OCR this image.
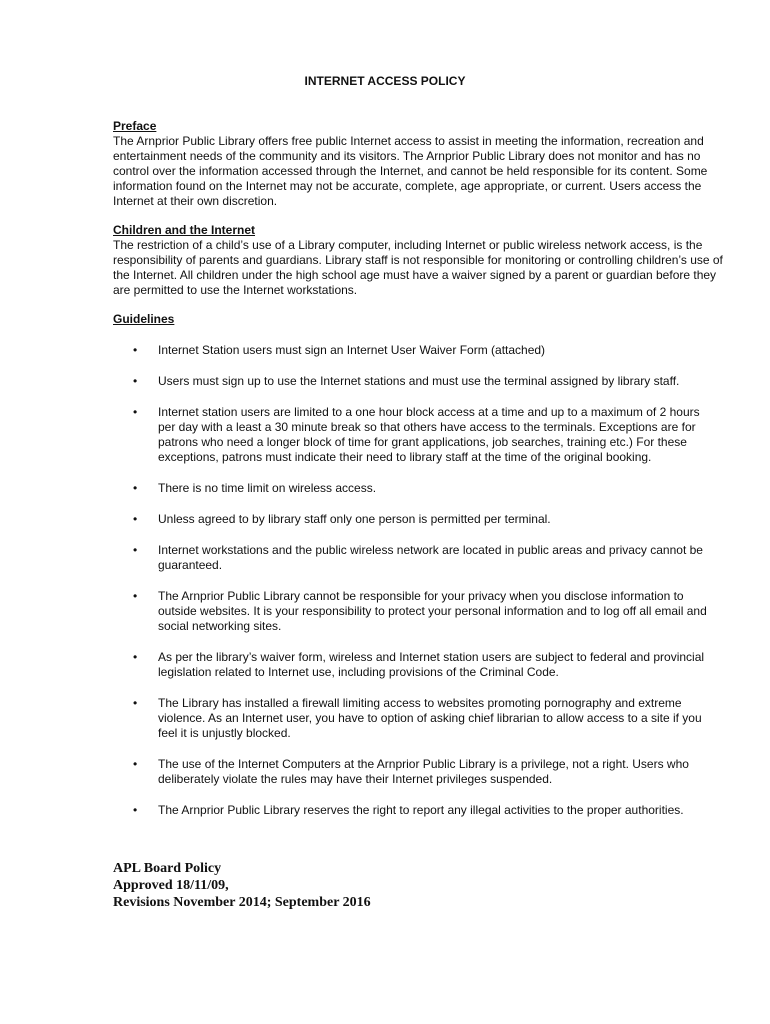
INTERNET ACCESS POLICY
Preface

The Arnprior Public Library offers free public Internet access to assist in meeting the information, recreation and entertainment needs of the community and its visitors. The Arnprior Public Library does not monitor and has no control over the information accessed through the Internet, and cannot be held responsible for its content. Some information found on the Internet may not be accurate, complete, age appropriate, or current. Users access the Internet at their own discretion.

Children and the Internet

The restriction of a child’s use of a Library computer, including Internet or public wireless network access, is the responsibility of parents and guardians. Library staff is not responsible for monitoring or controlling children’s use of the Internet. All children under the high school age must have a waiver signed by a parent or guardian before they are permitted to use the Internet workstations.

Guidelines
• Internet Station users must sign an Internet User Waiver Form (attached)
• Users must sign up to use the Internet stations and must use the terminal assigned by library staff.
• Internet station users are limited to a one hour block access at a time and up to a maximum of 2 hours per day with a least a 30 minute break so that others have access to the terminals. Exceptions are for patrons who need a longer block of time for grant applications, job searches, training etc.) For these exceptions, patrons must indicate their need to library staff at the time of the original booking.
• There is no time limit on wireless access.
• Unless agreed to by library staff only one person is permitted per terminal.
• Internet workstations and the public wireless network are located in public areas and privacy cannot be guaranteed.
• The Arnprior Public Library cannot be responsible for your privacy when you disclose information to outside websites. It is your responsibility to protect your personal information and to log off all email and social networking sites.
• As per the library’s waiver form, wireless and Internet station users are subject to federal and provincial legislation related to Internet use, including provisions of the Criminal Code.
• The Library has installed a firewall limiting access to websites promoting pornography and extreme violence. As an Internet user, you have to option of asking chief librarian to allow access to a site if you feel it is unjustly blocked.
• The use of the Internet Computers at the Arnprior Public Library is a privilege, not a right. Users who deliberately violate the rules may have their Internet privileges suspended.
• The Arnprior Public Library reserves the right to report any illegal activities to the proper authorities.
APL Board Policy
Approved 18/11/09,
Revisions November 2014; September 2016
